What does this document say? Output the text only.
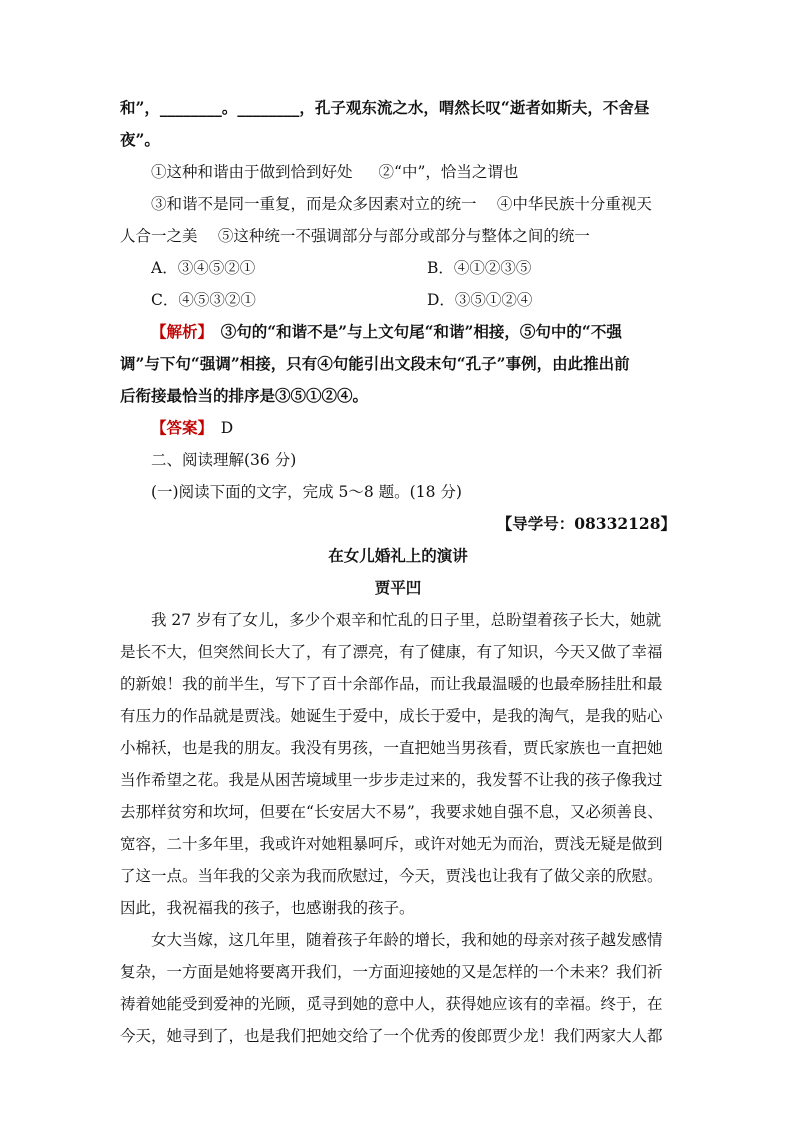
和”，________。________，孔子观东流之水，喟然长叹“逝者如斯夫，不舍昼
夜”。
①这种和谐由于做到恰到好处 ②“中”，恰当之谓也
③和谐不是同一重复，而是众多因素对立的统一　 ④中华民族十分重视天
人合一之美　 ⑤这种统一不强调部分与部分或部分与整体之间的统一
A．③④⑤②①	B．④①②③⑤
C．④⑤③②①	D．③⑤①②④
【解析】　③句的“和谐不是”与上文句尾“和谐”相接，⑤句中的“不强
调”与下句“强调”相接，只有④句能引出文段末句“孔子”事例，由此推出前
后衔接最恰当的排序是③⑤①②④。
【答案】　D
二、阅读理解(36 分)
(一)阅读下面的文字，完成 5～8 题。(18 分)
【导学号：08332128】
在女儿婚礼上的演讲
贾平凹
我 27 岁有了女儿，多少个艰辛和忙乱的日子里，总盼望着孩子长大，她就
是长不大，但突然间长大了，有了漂亮，有了健康，有了知识，今天又做了幸福
的新娘！我的前半生，写下了百十余部作品，而让我最温暖的也最牵肠挂肚和最
有压力的作品就是贾浅。她诞生于爱中，成长于爱中，是我的淘气，是我的贴心
小棉袄，也是我的朋友。我没有男孩，一直把她当男孩看，贾氏家族也一直把她
当作希望之花。我是从困苦境域里一步步走过来的，我发誓不让我的孩子像我过
去那样贫穷和坎坷，但要在“长安居大不易”，我要求她自强不息，又必须善良、
宽容，二十多年里，我或许对她粗暴呵斥，或许对她无为而治，贾浅无疑是做到
了这一点。当年我的父亲为我而欣慰过，今天，贾浅也让我有了做父亲的欣慰。
因此，我祝福我的孩子，也感谢我的孩子。
女大当嫁，这几年里，随着孩子年龄的增长，我和她的母亲对孩子越发感情
复杂，一方面是她将要离开我们，一方面迎接她的又是怎样的一个未来？我们祈
祷着她能受到爱神的光顾，觅寻到她的意中人，获得她应该有的幸福。终于，在
今天，她寻到了，也是我们把她交给了一个优秀的俊郎贾少龙！我们两家大人都
